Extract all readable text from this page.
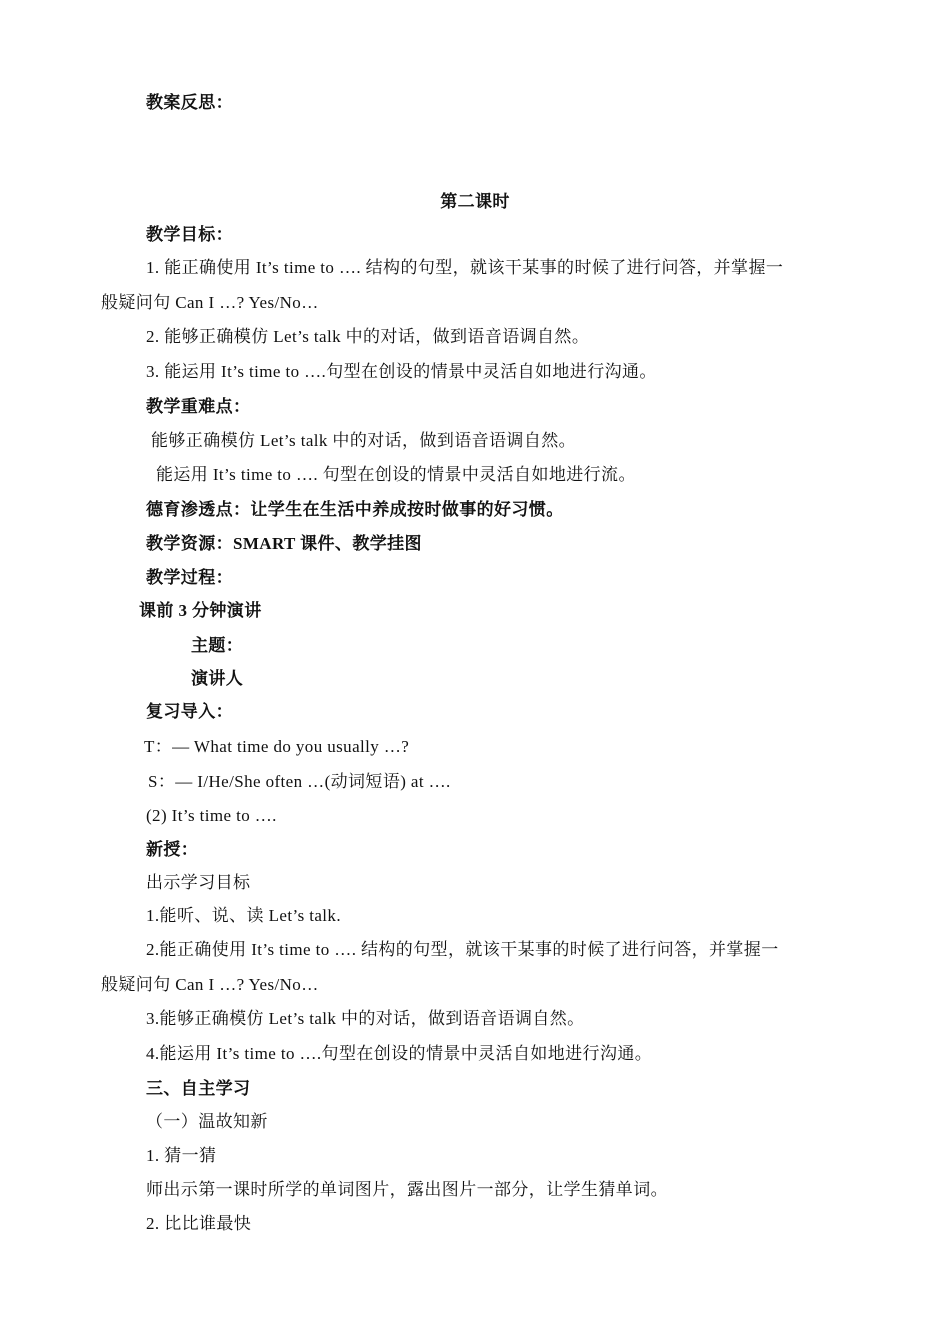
教案反思：
第二课时
教学目标：
1. 能正确使用 It’s time to …. 结构的句型，就该干某事的时候了进行问答，并掌握一
般疑问句 Can I …? Yes/No…
2. 能够正确模仿 Let’s talk 中的对话，做到语音语调自然。
3. 能运用 It’s time to ….句型在创设的情景中灵活自如地进行沟通。
教学重难点：
能够正确模仿 Let’s talk 中的对话，做到语音语调自然。
能运用 It’s time to …. 句型在创设的情景中灵活自如地进行流。
德育渗透点：让学生在生活中养成按时做事的好习惯。
教学资源：SMART 课件、教学挂图
教学过程：
课前 3 分钟演讲
主题：
演讲人
复习导入：
T：— What time do you usually …?
S：— I/He/She often …(动词短语) at ….
(2) It’s time to ….
新授：
出示学习目标
1.能听、说、读 Let’s talk.
2.能正确使用 It’s time to …. 结构的句型，就该干某事的时候了进行问答，并掌握一
般疑问句 Can I …? Yes/No…
3.能够正确模仿 Let’s talk 中的对话，做到语音语调自然。
4.能运用 It’s time to ….句型在创设的情景中灵活自如地进行沟通。
三、自主学习
（一）温故知新
1. 猜一猜
师出示第一课时所学的单词图片，露出图片一部分，让学生猜单词。
2. 比比谁最快
